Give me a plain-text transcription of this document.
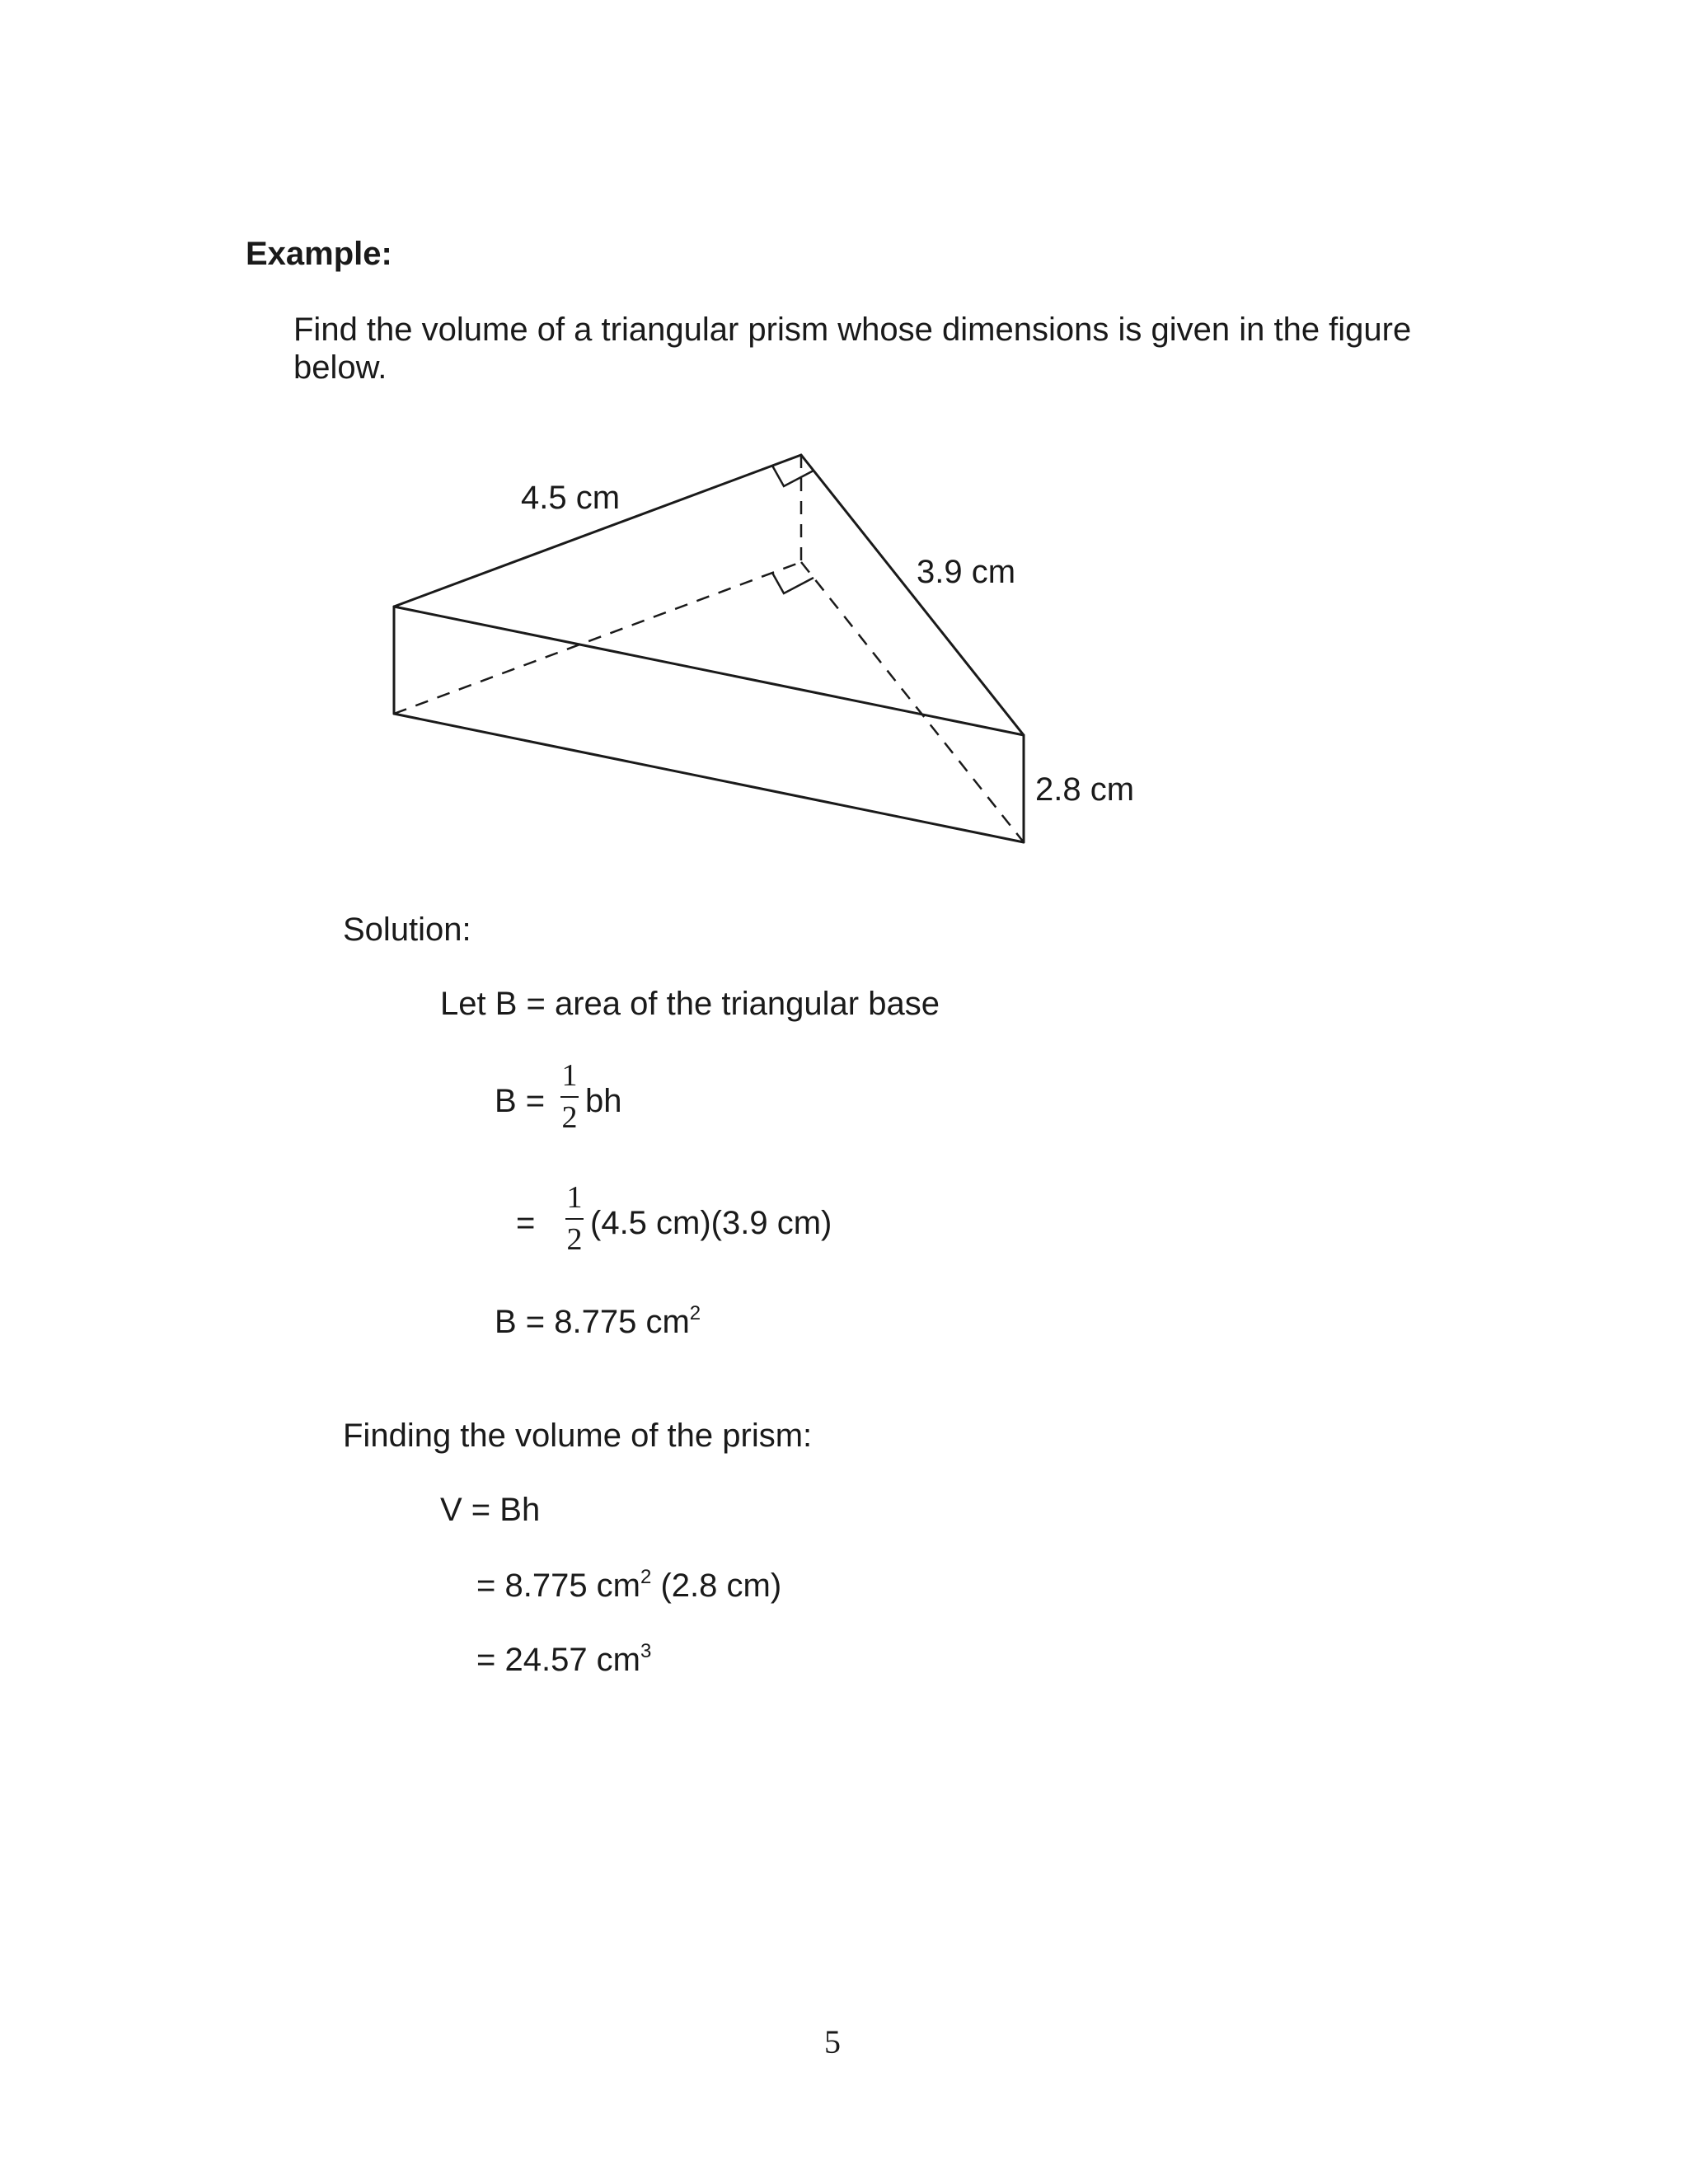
Example:
Find the volume of a triangular prism whose dimensions is given in the figure
below.
4.5 cm
3.9 cm
2.8 cm
Solution:
Let B = area of the triangular base
B =
1
2 bh
=
1
2 (4.5 cm)(3.9 cm)
B = 8.775 $cm^2$
Finding the volume of the prism:
V = Bh
= 8.775 $cm^2$ (2.8 cm)
= 24.57 $cm^3$
5
